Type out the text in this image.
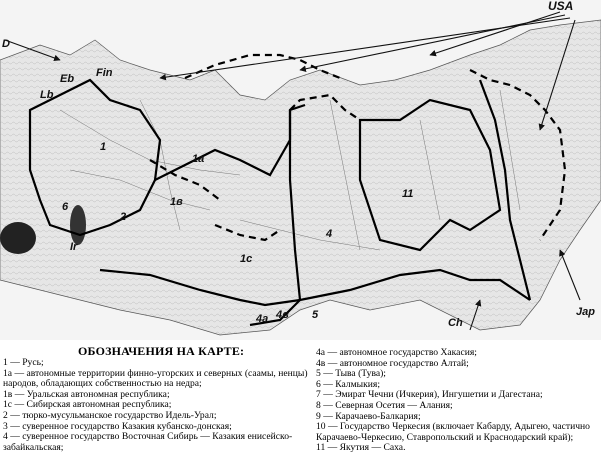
USA
D
Fin
Eb
Lb
1
1а
1в
1с
2
4
4а 4в 5
6
11
Ir
Ch
Jap
ОБОЗНАЧЕНИЯ НА КАРТЕ:
1 — Русь;
1а — автономные территории финно-угорских и северных (саамы, ненцы)
народов, обладающих собственностью на недра;
1в — Уральская автономная республика;
1с — Сибирская автономная республика;
2 — тюрко-мусульманское государство Идель-Урал;
3 — суверенное государство Казакия кубанско-донская;
4 — суверенное государство Восточная Сибирь — Казакия енисейско-
забайкальская;
4а — автономное государство Хакасия;
4в — автономное государство Алтай;
5 — Тыва (Тува);
6 — Калмыкия;
7 — Эмират Чечни (Ичкерия), Ингушетии и Дагестана;
8 — Северная Осетия — Алания;
9 — Карачаево-Балкария;
10 — Государство Черкесия (включает Кабарду, Адыгею, частично
Карачаево-Черкесию, Ставропольский и Краснодарский край);
11 — Якутия — Саха.
